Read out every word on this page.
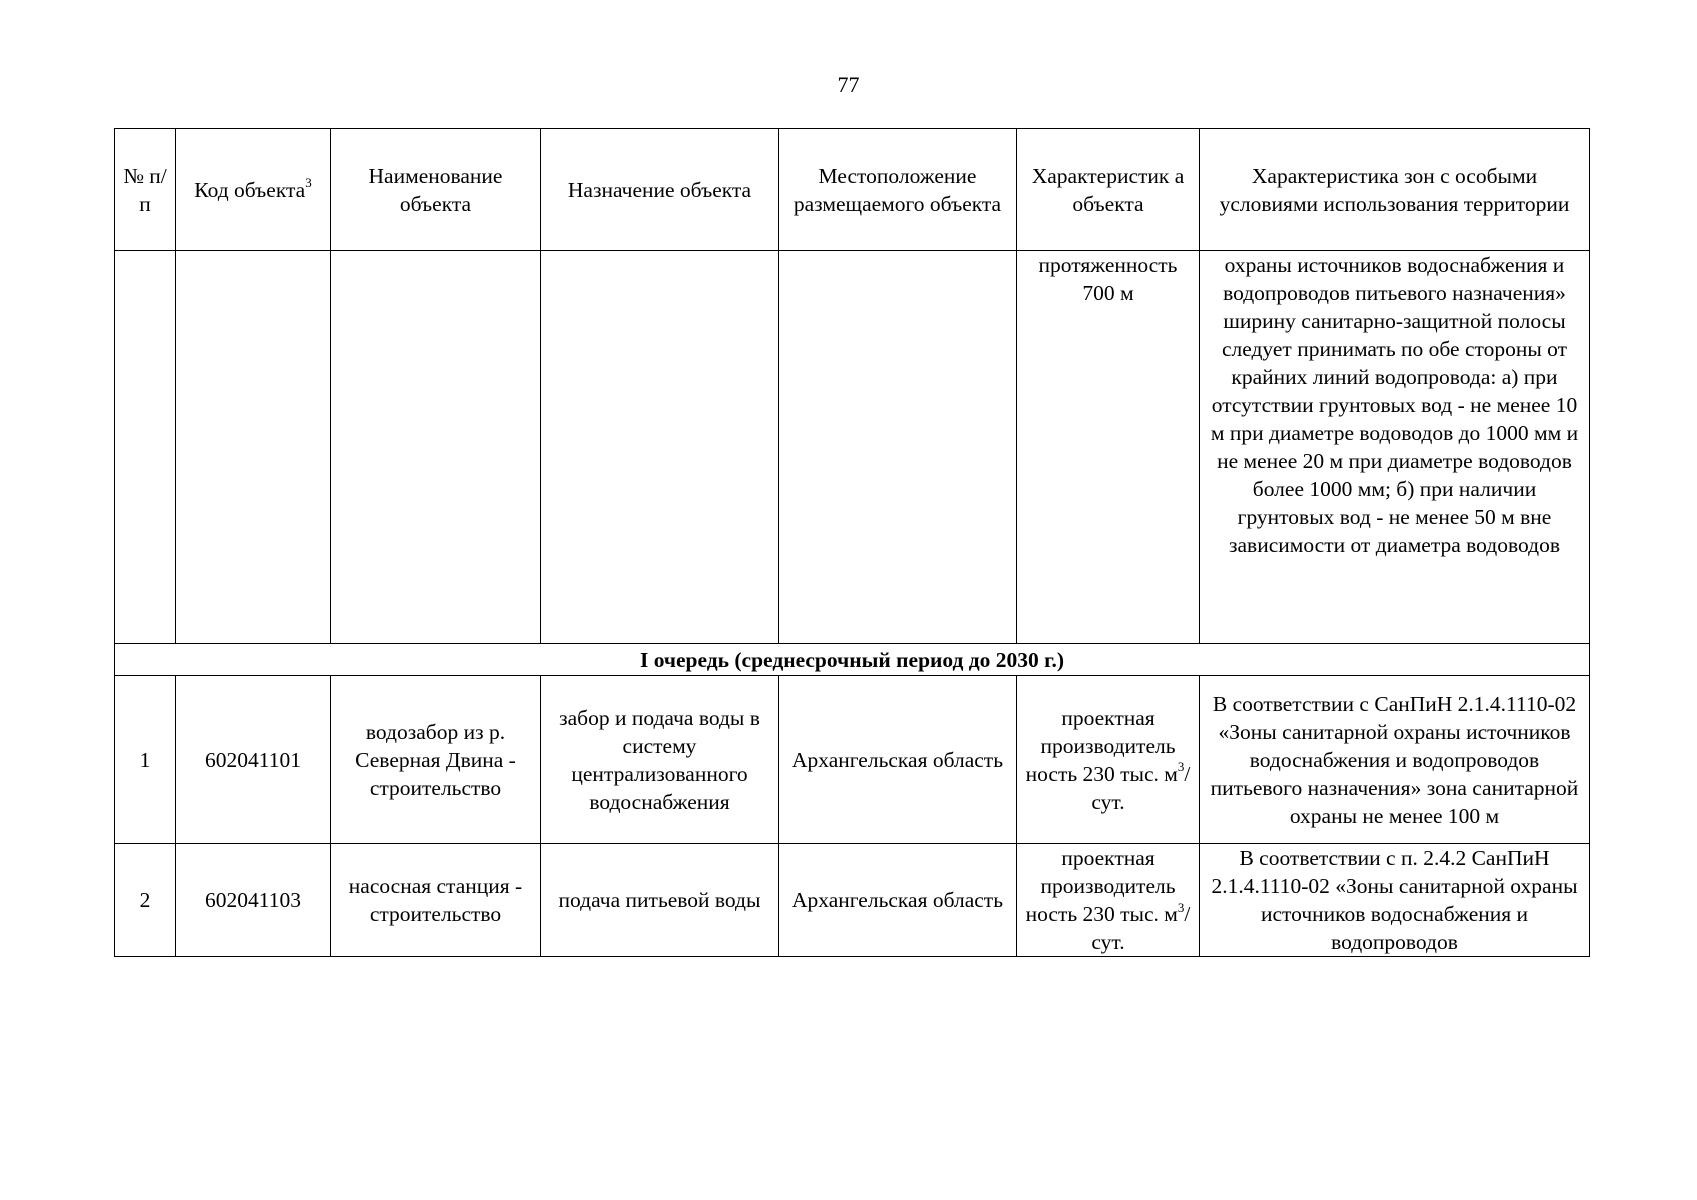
77
№ п/п	Код объекта$^3$	Наименование объекта	Назначение объекта	Местоположение размещаемого объекта	Характеристик а объекта	Характеристика зон с особыми условиями использования территории
					протяженность 700 м	охраны источников водоснабжения и водопроводов питьевого назначения» ширину санитарно-защитной полосы следует принимать по обе стороны от крайних линий водопровода: а) при отсутствии грунтовых вод - не менее 10 м при диаметре водоводов до 1000 мм и не менее 20 м при диаметре водоводов более 1000 мм; б) при наличии грунтовых вод - не менее 50 м вне зависимости от диаметра водоводов
I очередь (среднесрочный период до 2030 г.)						
1	602041101	водозабор из р. Северная Двина - строительство	забор и подача воды в систему централизованного водоснабжения	Архангельская область	проектная производитель ность 230 тыс. $м^3$/сут.	В соответствии с СанПиН 2.1.4.1110-02 «Зоны санитарной охраны источников водоснабжения и водопроводов питьевого назначения» зона санитарной охраны не менее 100 м
2	602041103	насосная станция - строительство	подача питьевой воды	Архангельская область	проектная производитель ность 230 тыс. $м^3$/сут.	В соответствии с п. 2.4.2 СанПиН 2.1.4.1110-02 «Зоны санитарной охраны источников водоснабжения и водопроводов
